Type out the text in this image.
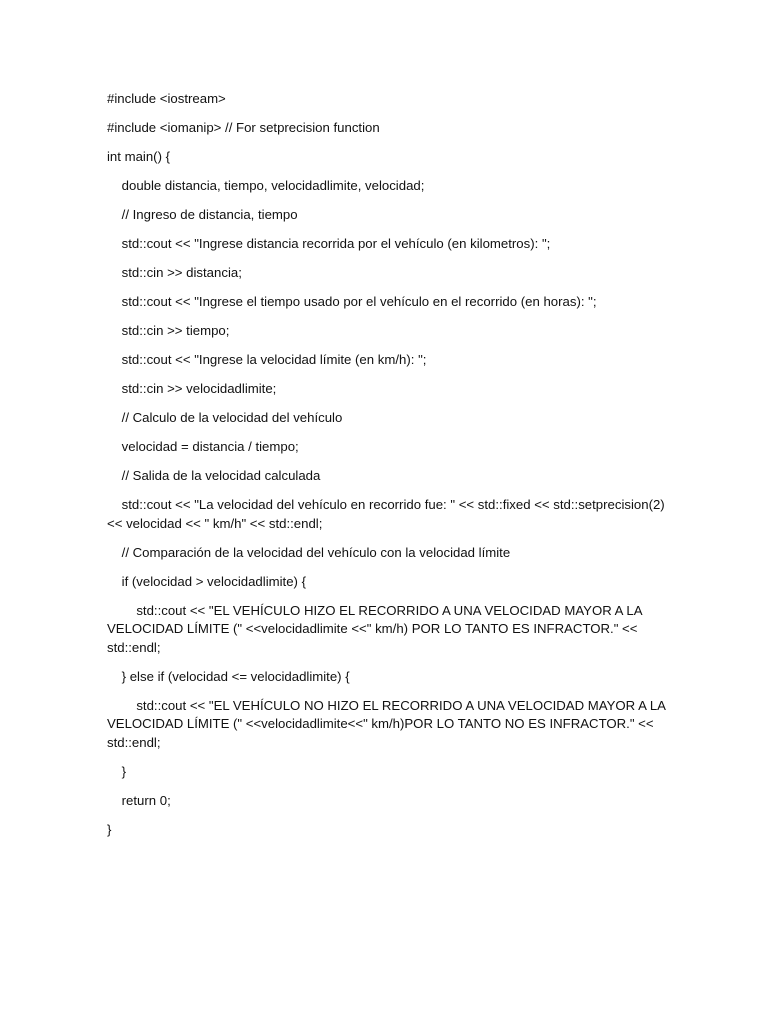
#include <iostream>

#include <iomanip> // For setprecision function

int main() {

double distancia, tiempo, velocidadlimite, velocidad;

// Ingreso de distancia, tiempo

std::cout << "Ingrese distancia recorrida por el vehículo (en kilometros): ";

std::cin >> distancia;

std::cout << "Ingrese el tiempo usado por el vehículo en el recorrido (en horas): ";

std::cin >> tiempo;

std::cout << "Ingrese la velocidad límite (en km/h): ";

std::cin >> velocidadlimite;

// Calculo de la velocidad del vehículo

velocidad = distancia / tiempo;

// Salida de la velocidad calculada

std::cout << "La velocidad del vehículo en recorrido fue: " << std::fixed << std::setprecision(2) << velocidad << " km/h" << std::endl;

// Comparación de la velocidad del vehículo con la velocidad límite

if (velocidad > velocidadlimite) {

std::cout << "EL VEHÍCULO HIZO EL RECORRIDO A UNA VELOCIDAD MAYOR A LA VELOCIDAD LÍMITE (" <<velocidadlimite <<" km/h) POR LO TANTO ES INFRACTOR." << std::endl;

} else if (velocidad <= velocidadlimite) {

std::cout << "EL VEHÍCULO NO HIZO EL RECORRIDO A UNA VELOCIDAD MAYOR A LA VELOCIDAD LÍMITE (" <<velocidadlimite<<" km/h)POR LO TANTO NO ES INFRACTOR." << std::endl;

}

return 0;

}
